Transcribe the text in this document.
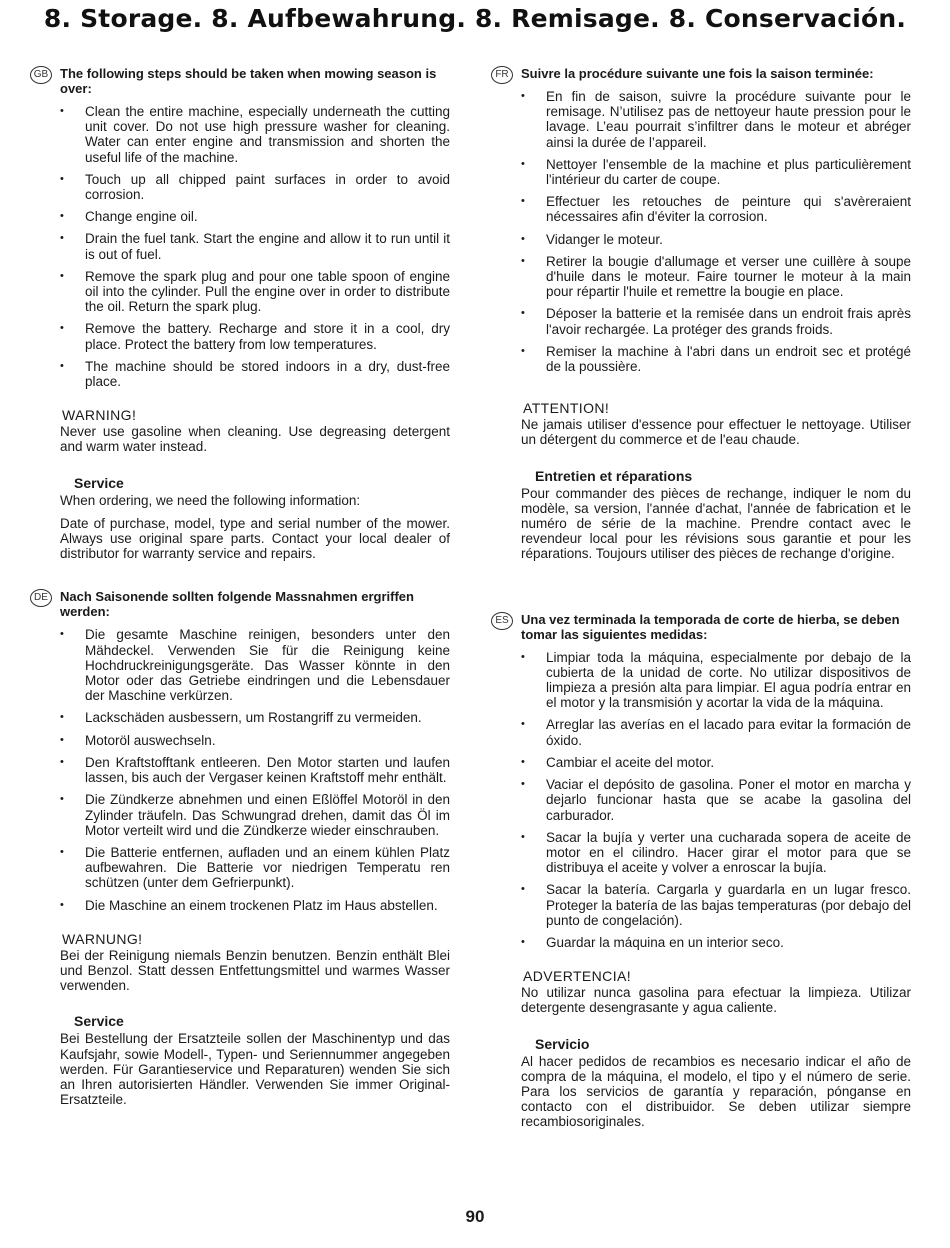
8. Storage. 8. Aufbewahrung. 8. Remisage. 8. Conservación.
GB The following steps should be taken when mowing season is over:

• Clean the entire machine, especially underneath the cutting unit cover. Do not use high pressure washer for cleaning. Water can enter engine and transmission and shorten the useful life of the machine.
• Touch up all chipped paint surfaces in order to avoid corrosion.
• Change engine oil.
• Drain the fuel tank. Start the engine and allow it to run until it is out of fuel.
• Remove the spark plug and pour one table spoon of engine oil into the cylinder. Pull the engine over in order to distribute the oil. Return the spark plug.
• Remove the battery. Recharge and store it in a cool, dry place. Protect the battery from low temperatures.
• The machine should be stored indoors in a dry, dust-free place.
WARNING!

Never use gasoline when cleaning. Use degreasing detergent and warm water instead.

Service

When ordering, we need the following information:

Date of purchase, model, type and serial number of the mower. Always use original spare parts. Contact your local dealer of distributor for warranty service and repairs.

DE Nach Saisonende sollten folgende Massnahmen ergriffen werden:

• Die gesamte Maschine reinigen, besonders unter den Mähdeckel. Verwenden Sie für die Reinigung keine Hochdruckreinigungsgeräte. Das Wasser könnte in den Motor oder das Getriebe eindringen und die Lebensdauer der Maschine verkürzen.
• Lackschäden ausbessern, um Rostangriff zu vermeiden.
• Motoröl auswechseln.
• Den Kraftstofftank entleeren. Den Motor starten und laufen lassen, bis auch der Vergaser keinen Kraftstoff mehr enthält.
• Die Zündkerze abnehmen und einen Eßlöffel Motoröl in den Zylinder träufeln. Das Schwungrad drehen, damit das Öl im Motor verteilt wird und die Zündkerze wieder einschrauben.
• Die Batterie entfernen, aufladen und an einem kühlen Platz aufbewahren. Die Batterie vor niedrigen Temperatu ren schützen (unter dem Gefrierpunkt).
• Die Maschine an einem trockenen Platz im Haus abstellen.
WARNUNG!

Bei der Reinigung niemals Benzin benutzen. Benzin enthält Blei und Benzol. Statt dessen Entfettungsmittel und warmes Wasser verwenden.

Service

Bei Bestellung der Ersatzteile sollen der Maschinentyp und das Kaufsjahr, sowie Modell-, Typen- und Seriennummer angegeben werden. Für Garantieservice und Reparaturen) wenden Sie sich an Ihren autorisierten Händler. Verwenden Sie immer Original-Ersatzteile.

FR Suivre la procédure suivante une fois la saison terminée:

• En fin de saison, suivre la procédure suivante pour le remisage. N’utilisez pas de nettoyeur haute pression pour le lavage. L’eau pourrait s’infiltrer dans le moteur et abréger ainsi la durée de l’appareil.
• Nettoyer l'ensemble de la machine et plus particulièrement l'intérieur du carter de coupe.
• Effectuer les retouches de peinture qui s'avèreraient nécessaires afin d'éviter la corrosion.
• Vidanger le moteur.
• Retirer la bougie d'allumage et verser une cuillère à soupe d'huile dans le moteur. Faire tourner le moteur à la main pour répartir l'huile et remettre la bougie en place.
• Déposer la batterie et la remisée dans un endroit frais après l'avoir rechargée. La protéger des grands froids.
• Remiser la machine à l'abri dans un endroit sec et protégé de la poussière.
ATTENTION!

Ne jamais utiliser d'essence pour effectuer le nettoyage. Utiliser un détergent du commerce et de l'eau chaude.

Entretien et réparations

Pour commander des pièces de rechange, indiquer le nom du modèle, sa version, l'année d'achat, l'année de fabrication et le numéro de série de la machine. Prendre contact avec le revendeur local pour les révisions sous garantie et pour les réparations. Toujours utiliser des pièces de rechange d'origine.

ES Una vez terminada la temporada de corte de hierba, se deben tomar las siguientes medidas:

• Limpiar toda la máquina, especialmente por debajo de la cubierta de la unidad de corte. No utilizar dispositivos de limpieza a presión alta para limpiar. El agua podría entrar en el motor y la transmisión y acortar la vida de la máquina.
• Arreglar las averías en el lacado para evitar la formación de óxido.
• Cambiar el aceite del motor.
• Vaciar el depósito de gasolina. Poner el motor en marcha y dejarlo funcionar hasta que se acabe la gasolina del carburador.
• Sacar la bujía y verter una cucharada sopera de aceite de motor en el cilindro. Hacer girar el motor para que se distribuya el aceite y volver a enroscar la bujía.
• Sacar la batería. Cargarla y guardarla en un lugar fresco. Proteger la batería de las bajas temperaturas (por debajo del punto de congelación).
• Guardar la máquina en un interior seco.
ADVERTENCIA!

No utilizar nunca gasolina para efectuar la limpieza. Utilizar detergente desengrasante y agua caliente.

Servicio

Al hacer pedidos de recambios es necesario indicar el año de compra de la máquina, el modelo, el tipo y el número de serie. Para los servicios de garantía y reparación, pónganse en contacto con el distribuidor. Se deben utilizar siempre recambiosoriginales.

90
